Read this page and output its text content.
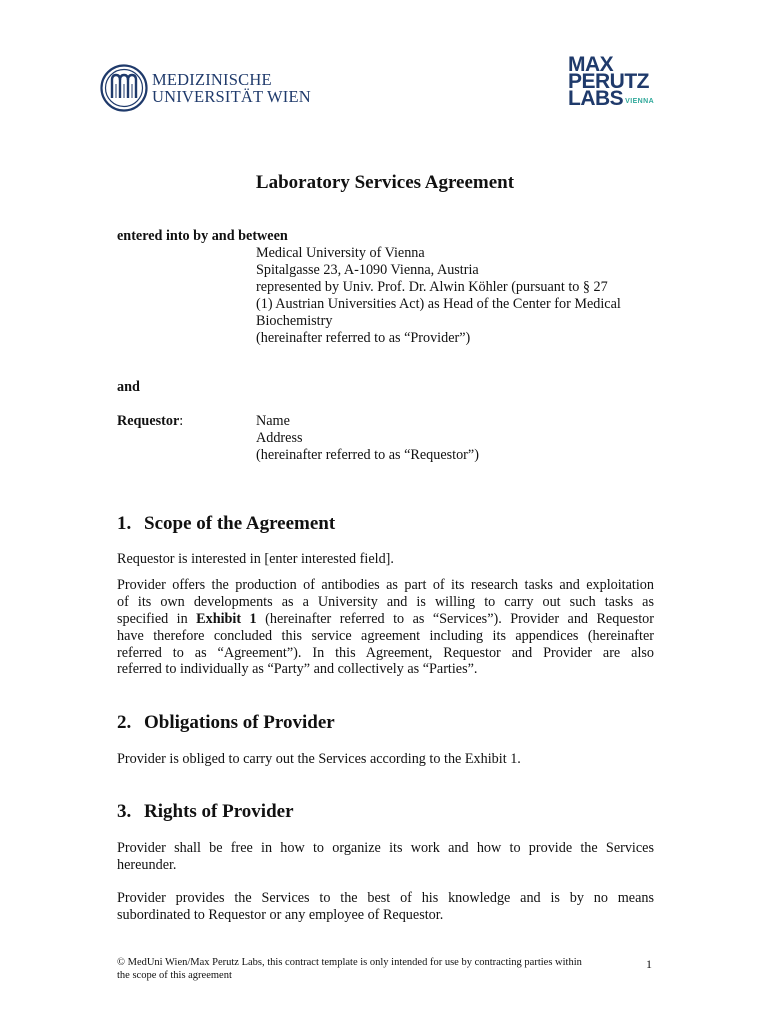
MEDIZINISCHE
UNIVERSITÄT WIEN
MAX
PERUTZ
LABS VIENNA
Laboratory Services Agreement
entered into by and between
Medical University of Vienna
Spitalgasse 23, A-1090 Vienna, Austria
represented by Univ. Prof. Dr. Alwin Köhler (pursuant to § 27
(1) Austrian Universities Act) as Head of the Center for Medical
Biochemistry
(hereinafter referred to as “Provider”)
and
Requestor:	Name
Address
(hereinafter referred to as “Requestor”)
1. Scope of the Agreement
Requestor is interested in [enter interested field].
Provider offers the production of antibodies as part of its research tasks and exploitation
of its own developments as a University and is willing to carry out such tasks as
specified in Exhibit 1 (hereinafter referred to as “Services”). Provider and Requestor
have therefore concluded this service agreement including its appendices (hereinafter
referred to as “Agreement”). In this Agreement, Requestor and Provider are also
referred to individually as “Party” and collectively as “Parties”.
2. Obligations of Provider
Provider is obliged to carry out the Services according to the Exhibit 1.
3. Rights of Provider
Provider shall be free in how to organize its work and how to provide the Services
hereunder.
Provider provides the Services to the best of his knowledge and is by no means
subordinated to Requestor or any employee of Requestor.
© MedUni Wien/Max Perutz Labs, this contract template is only intended for use by contracting parties within
the scope of this agreement
1
